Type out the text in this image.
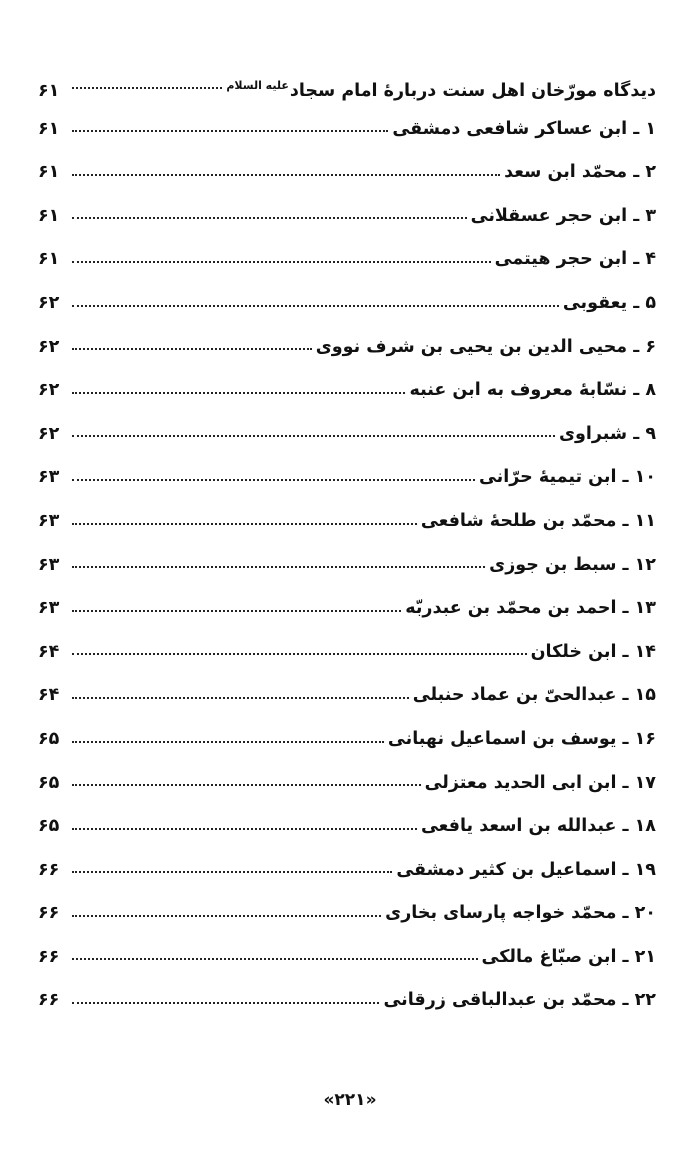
دیدگاه مورّخان اهل سنت دربارهٔ امام سجاد$^{علیه السلام}$
۶۱
۱ ـ ابن عساکر شافعی دمشقی
۶۱
۲ ـ محمّد ابن سعد
۶۱
۳ ـ ابن حجر عسقلانی
۶۱
۴ ـ ابن حجر هیتمی
۶۱
۵ ـ یعقوبی
۶۲
۶ ـ محیی الدین بن یحیی بن شرف نووی
۶۲
۸ ـ نسّابهٔ معروف به ابن عنبه
۶۲
۹ ـ شبراوی
۶۲
۱۰ ـ ابن تیمیهٔ حرّانی
۶۳
۱۱ ـ محمّد بن طلحهٔ شافعی
۶۳
۱۲ ـ سبط بن جوزی
۶۳
۱۳ ـ احمد بن محمّد بن عبدربّه
۶۳
۱۴ ـ ابن خلکان
۶۴
۱۵ ـ عبدالحیّ بن عماد حنبلی
۶۴
۱۶ ـ یوسف بن اسماعیل نهبانی
۶۵
۱۷ ـ ابن ابی الحدید معتزلی
۶۵
۱۸ ـ عبدالله بن اسعد یافعی
۶۵
۱۹ ـ اسماعیل بن کثیر دمشقی
۶۶
۲۰ ـ محمّد خواجه پارسای بخاری
۶۶
۲۱ ـ ابن صبّاغ مالکی
۶۶
۲۲ ـ محمّد بن عبدالباقی زرقانی
۶۶
«۲۲۱»
